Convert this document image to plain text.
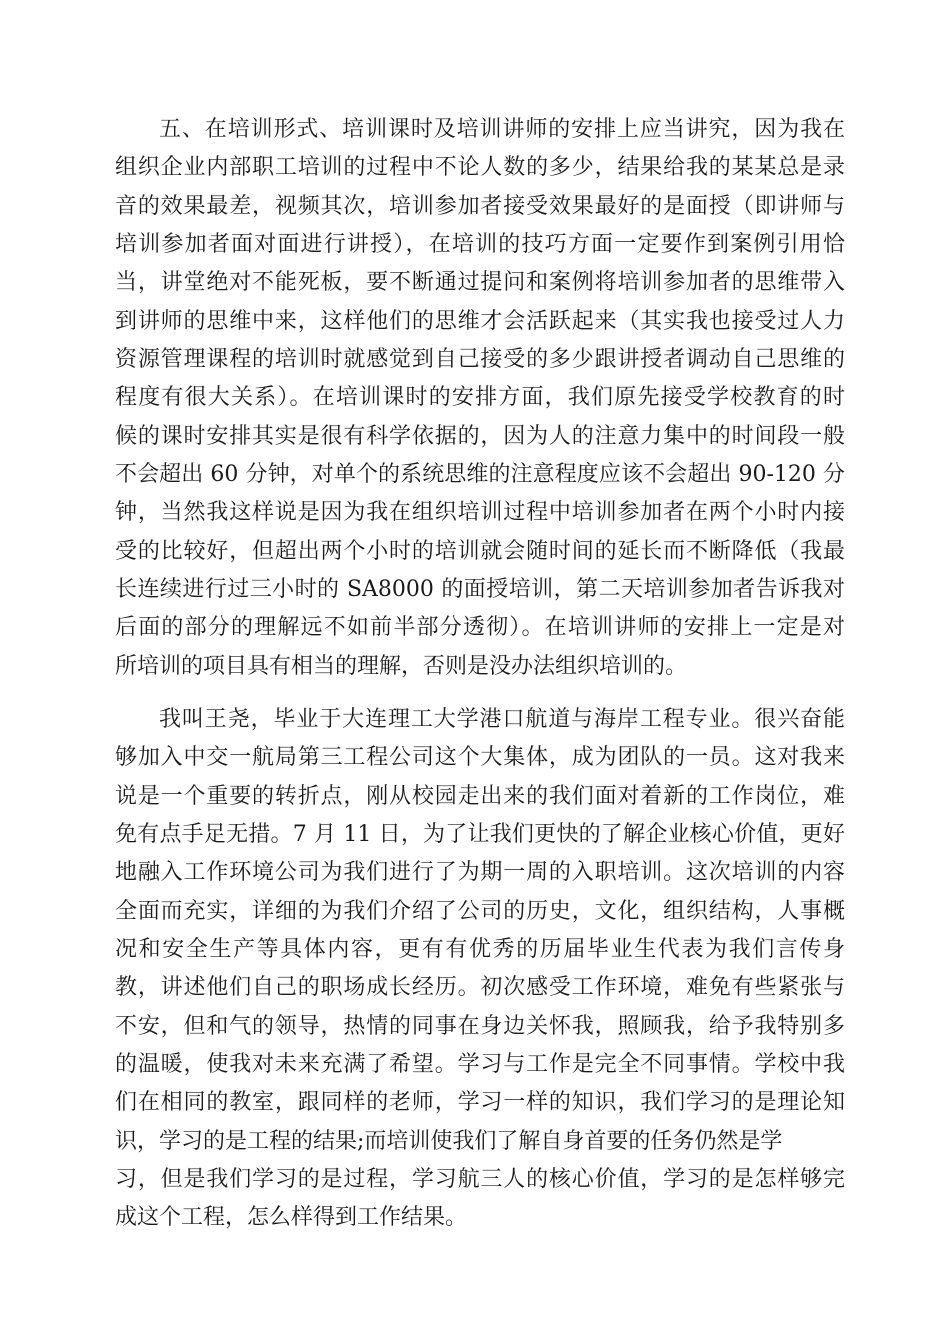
五、在培训形式、培训课时及培训讲师的安排上应当讲究，因为我在
组织企业内部职工培训的过程中不论人数的多少，结果给我的某某总是录
音的效果最差，视频其次，培训参加者接受效果最好的是面授（即讲师与
培训参加者面对面进行讲授），在培训的技巧方面一定要作到案例引用恰
当，讲堂绝对不能死板，要不断通过提问和案例将培训参加者的思维带入
到讲师的思维中来，这样他们的思维才会活跃起来（其实我也接受过人力
资源管理课程的培训时就感觉到自己接受的多少跟讲授者调动自己思维的
程度有很大关系）。在培训课时的安排方面，我们原先接受学校教育的时
候的课时安排其实是很有科学依据的，因为人的注意力集中的时间段一般
不会超出 60 分钟，对单个的系统思维的注意程度应该不会超出 90-120 分
钟，当然我这样说是因为我在组织培训过程中培训参加者在两个小时内接
受的比较好，但超出两个小时的培训就会随时间的延长而不断降低（我最
长连续进行过三小时的 SA8000 的面授培训，第二天培训参加者告诉我对
后面的部分的理解远不如前半部分透彻）。在培训讲师的安排上一定是对
所培训的项目具有相当的理解，否则是没办法组织培训的。
我叫王尧，毕业于大连理工大学港口航道与海岸工程专业。很兴奋能
够加入中交一航局第三工程公司这个大集体，成为团队的一员。这对我来
说是一个重要的转折点，刚从校园走出来的我们面对着新的工作岗位，难
免有点手足无措。7 月 11 日，为了让我们更快的了解企业核心价值，更好
地融入工作环境公司为我们进行了为期一周的入职培训。这次培训的内容
全面而充实，详细的为我们介绍了公司的历史，文化，组织结构，人事概
况和安全生产等具体内容，更有有优秀的历届毕业生代表为我们言传身
教，讲述他们自己的职场成长经历。初次感受工作环境，难免有些紧张与
不安，但和气的领导，热情的同事在身边关怀我，照顾我，给予我特别多
的温暖，使我对未来充满了希望。学习与工作是完全不同事情。学校中我
们在相同的教室，跟同样的老师，学习一样的知识，我们学习的是理论知
识，学习的是工程的结果;而培训使我们了解自身首要的任务仍然是学
习，但是我们学习的是过程，学习航三人的核心价值，学习的是怎样够完
成这个工程，怎么样得到工作结果。
